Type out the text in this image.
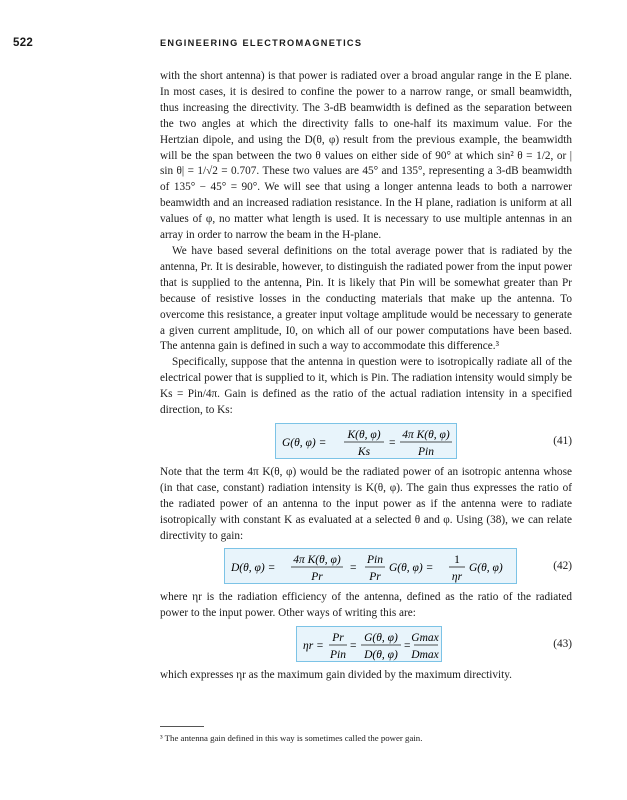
522	ENGINEERING ELECTROMAGNETICS

with the short antenna) is that power is radiated over a broad angular range in the E plane. In most cases, it is desired to confine the power to a narrow range, or small beamwidth, thus increasing the directivity. The 3-dB beamwidth is defined as the separation between the two angles at which the directivity falls to one-half its maximum value. For the Hertzian dipole, and using the D(θ, φ) result from the previous example, the beamwidth will be the span between the two θ values on either side of 90° at which sin² θ = 1/2, or | sin θ| = 1/√2 = 0.707. These two values are 45° and 135°, representing a 3-dB beamwidth of 135° − 45° = 90°. We will see that using a longer antenna leads to both a narrower beamwidth and an increased radiation resistance. In the H plane, radiation is uniform at all values of φ, no matter what length is used. It is necessary to use multiple antennas in an array in order to narrow the beam in the H-plane.

We have based several definitions on the total average power that is radiated by the antenna, Pr. It is desirable, however, to distinguish the radiated power from the input power that is supplied to the antenna, Pin. It is likely that Pin will be somewhat greater than Pr because of resistive losses in the conducting materials that make up the antenna. To overcome this resistance, a greater input voltage amplitude would be necessary to generate a given current amplitude, I0, on which all of our power computations have been based. The antenna gain is defined in such a way to accommodate this difference.³

Specifically, suppose that the antenna in question were to isotropically radiate all of the electrical power that is supplied to it, which is Pin. The radiation intensity would simply be Ks = Pin/4π. Gain is defined as the ratio of the actual radiation intensity in a specified direction, to Ks:

G(θ, φ) =
K(θ, φ)
Ks
=
4π K(θ, φ)
Pin
(41)

Note that the term 4π K(θ, φ) would be the radiated power of an isotropic antenna whose (in that case, constant) radiation intensity is K(θ, φ). The gain thus expresses the ratio of the radiated power of an antenna to the input power as if the antenna were to radiate isotropically with constant K as evaluated at a selected θ and φ. Using (38), we can relate directivity to gain:

D(θ, φ) =
4π K(θ, φ)
Pr
=
Pin
Pr
G(θ, φ) =
1
ηr
G(θ, φ)	(42)

where ηr is the radiation efficiency of the antenna, defined as the ratio of the radiated power to the input power. Other ways of writing this are:

ηr =
Pr
Pin
=
G(θ, φ)
D(θ, φ)
=
Gmax
Dmax
(43)

which expresses ηr as the maximum gain divided by the maximum directivity.

³ The antenna gain defined in this way is sometimes called the power gain.
